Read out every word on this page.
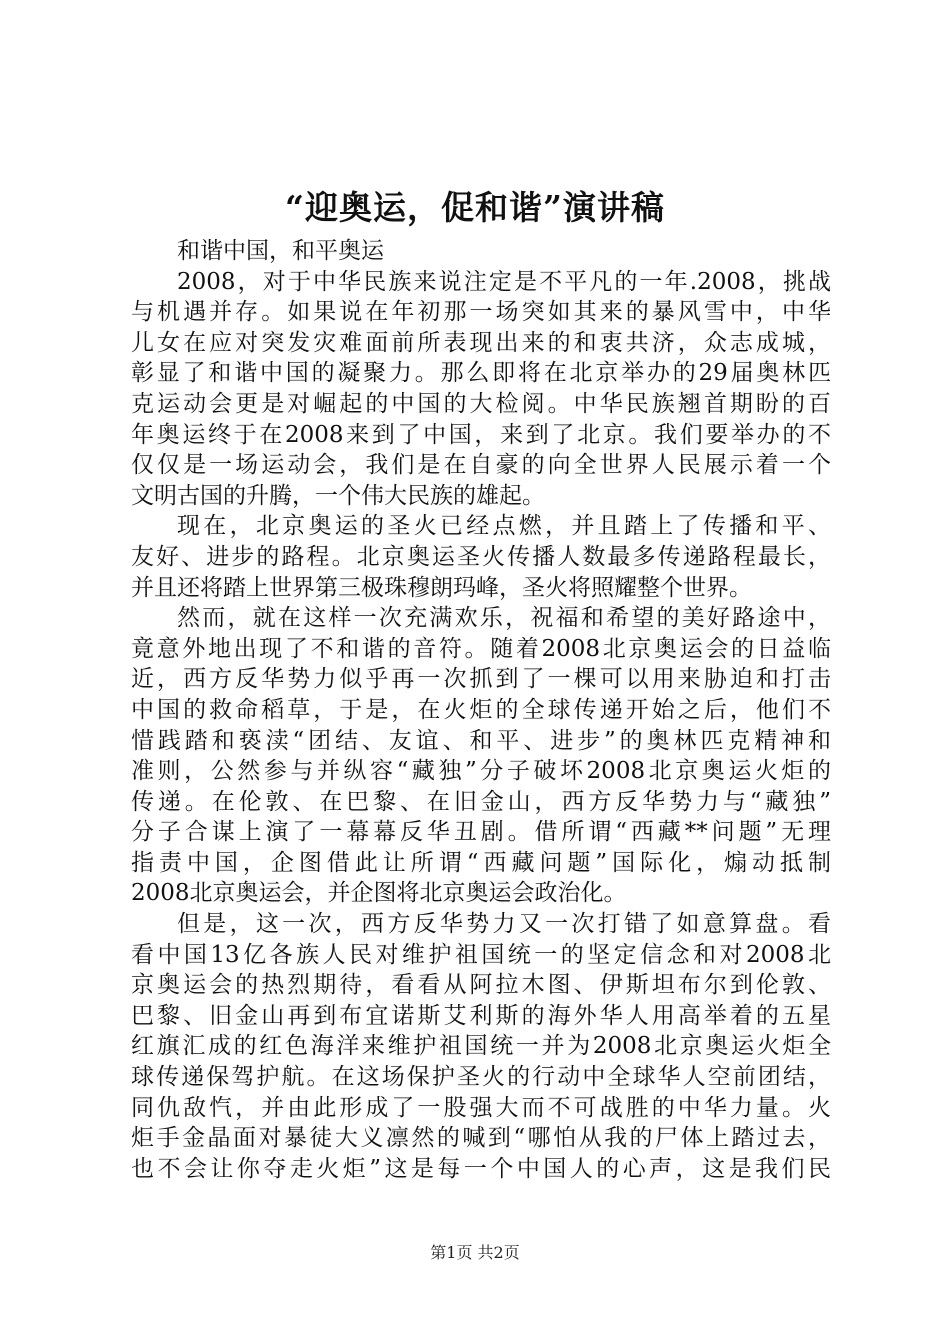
“迎奥运，促和谐”演讲稿
和谐中国，和平奥运
2008，对于中华民族来说注定是不平凡的一年.2008，挑战
与机遇并存。如果说在年初那一场突如其来的暴风雪中，中华
儿女在应对突发灾难面前所表现出来的和衷共济，众志成城，
彰显了和谐中国的凝聚力。那么即将在北京举办的29届奥林匹
克运动会更是对崛起的中国的大检阅。中华民族翘首期盼的百
年奥运终于在2008来到了中国，来到了北京。我们要举办的不
仅仅是一场运动会，我们是在自豪的向全世界人民展示着一个
文明古国的升腾，一个伟大民族的雄起。
现在，北京奥运的圣火已经点燃，并且踏上了传播和平、
友好、进步的路程。北京奥运圣火传播人数最多传递路程最长，
并且还将踏上世界第三极珠穆朗玛峰，圣火将照耀整个世界。
然而，就在这样一次充满欢乐，祝福和希望的美好路途中，
竟意外地出现了不和谐的音符。随着2008北京奥运会的日益临
近，西方反华势力似乎再一次抓到了一棵可以用来胁迫和打击
中国的救命稻草，于是，在火炬的全球传递开始之后，他们不
惜践踏和亵渎“团结、友谊、和平、进步”的奥林匹克精神和
准则，公然参与并纵容“藏独”分子破坏2008北京奥运火炬的
传递。在伦敦、在巴黎、在旧金山，西方反华势力与“藏独”
分子合谋上演了一幕幕反华丑剧。借所谓“西藏**问题”无理
指责中国，企图借此让所谓“西藏问题”国际化，煽动抵制
2008北京奥运会，并企图将北京奥运会政治化。
但是，这一次，西方反华势力又一次打错了如意算盘。看
看中国13亿各族人民对维护祖国统一的坚定信念和对2008北
京奥运会的热烈期待，看看从阿拉木图、伊斯坦布尔到伦敦、
巴黎、旧金山再到布宜诺斯艾利斯的海外华人用高举着的五星
红旗汇成的红色海洋来维护祖国统一并为2008北京奥运火炬全
球传递保驾护航。在这场保护圣火的行动中全球华人空前团结，
同仇敌忾，并由此形成了一股强大而不可战胜的中华力量。火
炬手金晶面对暴徒大义凛然的喊到“哪怕从我的尸体上踏过去，
也不会让你夺走火炬”这是每一个中国人的心声，这是我们民
第1页 共2页
